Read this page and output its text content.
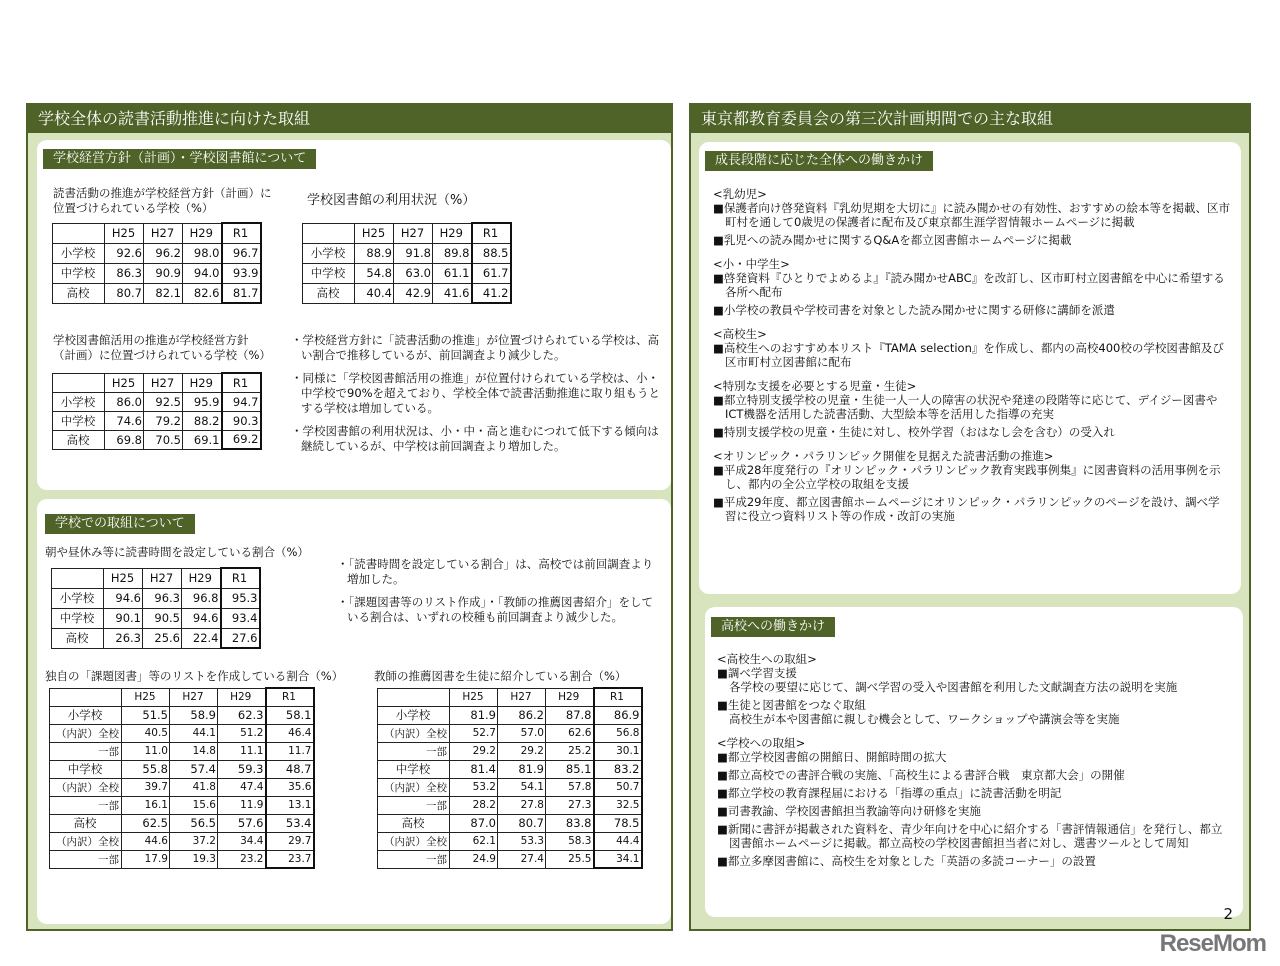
学校全体の読書活動推進に向けた取組
学校経営方針（計画）・学校図書館について
読書活動の推進が学校経営方針（計画）に
位置づけられている学校（%）	学校図書館の利用状況（%）
	H25	H27	H29	R1
小学校	92.6	96.2	98.0	96.7
中学校	86.3	90.9	94.0	93.9
高校	80.7	82.1	82.6	81.7
	H25	H27	H29	R1
小学校	88.9	91.8	89.8	88.5
中学校	54.8	63.0	61.1	61.7
高校	40.4	42.9	41.6	41.2
学校図書館活用の推進が学校経営方針
（計画）に位置づけられている学校（%）
	H25	H27	H29	R1
小学校	86.0	92.5	95.9	94.7
中学校	74.6	79.2	88.2	90.3
高校	69.8	70.5	69.1	69.2

・学校経営方針に「読書活動の推進」が位置づけられている学校は、高い割合で推移しているが、前回調査より減少した。

・同様に「学校図書館活用の推進」が位置付けられている学校は、小・中学校で90%を超えており、学校全体で読書活動推進に取り組もうとする学校は増加している。

・学校図書館の利用状況は、小・中・高と進むにつれて低下する傾向は継続しているが、中学校は前回調査より増加した。

学校での取組について
朝や昼休み等に読書時間を設定している割合（%）
	H25	H27	H29	R1
小学校	94.6	96.3	96.8	95.3
中学校	90.1	90.5	94.6	93.4
高校	26.3	25.6	22.4	27.6

・「読書時間を設定している割合」は、高校では前回調査より増加した。

・「課題図書等のリスト作成」・「教師の推薦図書紹介」をしている割合は、いずれの校種も前回調査より減少した。

独自の「課題図書」等のリストを作成している割合（%）	教師の推薦図書を生徒に紹介している割合（%）
	H25	H27	H29	R1
小学校	51.5	58.9	62.3	58.1
（内訳）全校	40.5	44.1	51.2	46.4
一部	11.0	14.8	11.1	11.7
中学校	55.8	57.4	59.3	48.7
（内訳）全校	39.7	41.8	47.4	35.6
一部	16.1	15.6	11.9	13.1
高校	62.5	56.5	57.6	53.4
（内訳）全校	44.6	37.2	34.4	29.7
一部	17.9	19.3	23.2	23.7
	H25	H27	H29	R1
小学校	81.9	86.2	87.8	86.9
（内訳）全校	52.7	57.0	62.6	56.8
一部	29.2	29.2	25.2	30.1
中学校	81.4	81.9	85.1	83.2
（内訳）全校	53.2	54.1	57.8	50.7
一部	28.2	27.8	27.3	32.5
高校	87.0	80.7	83.8	78.5
（内訳）全校	62.1	53.3	58.3	44.4
一部	24.9	27.4	25.5	34.1
東京都教育委員会の第三次計画期間での主な取組
成長段階に応じた全体への働きかけ
<乳幼児>
■保護者向け啓発資料『乳幼児期を大切に』に読み聞かせの有効性、おすすめの絵本等を掲載、区市町村を通して0歳児の保護者に配布及び東京都生涯学習情報ホームページに掲載
■乳児への読み聞かせに関するQ&Aを都立図書館ホームページに掲載
<小・中学生>
■啓発資料『ひとりでよめるよ』『読み聞かせABC』を改訂し、区市町村立図書館を中心に希望する各所へ配布
■小学校の教員や学校司書を対象とした読み聞かせに関する研修に講師を派遣
<高校生>
■高校生へのおすすめ本リスト『TAMA selection』を作成し、都内の高校400校の学校図書館及び区市町村立図書館に配布
<特別な支援を必要とする児童・生徒>
■都立特別支援学校の児童・生徒一人一人の障害の状況や発達の段階等に応じて、デイジー図書やICT機器を活用した読書活動、大型絵本等を活用した指導の充実
■特別支援学校の児童・生徒に対し、校外学習（おはなし会を含む）の受入れ
<オリンピック・パラリンピック開催を見据えた読書活動の推進>
■平成28年度発行の『オリンピック・パラリンピック教育実践事例集』に図書資料の活用事例を示し、都内の全公立学校の取組を支援
■平成29年度、都立図書館ホームページにオリンピック・パラリンピックのページを設け、調べ学習に役立つ資料リスト等の作成・改訂の実施
高校への働きかけ
<高校生への取組>
■調べ学習支援
各学校の要望に応じて、調べ学習の受入や図書館を利用した文献調査方法の説明を実施
■生徒と図書館をつなぐ取組
高校生が本や図書館に親しむ機会として、ワークショップや講演会等を実施
<学校への取組>
■都立学校図書館の開館日、開館時間の拡大
■都立高校での書評合戦の実施、「高校生による書評合戦　東京都大会」の開催
■都立学校の教育課程届における「指導の重点」に読書活動を明記
■司書教諭、学校図書館担当教諭等向け研修を実施
■新聞に書評が掲載された資料を、青少年向けを中心に紹介する「書評情報通信」を発行し、都立図書館ホームページに掲載。都立高校の学校図書館担当者に対し、選書ツールとして周知
■都立多摩図書館に、高校生を対象とした「英語の多読コーナー」の設置
2
ReseMom
